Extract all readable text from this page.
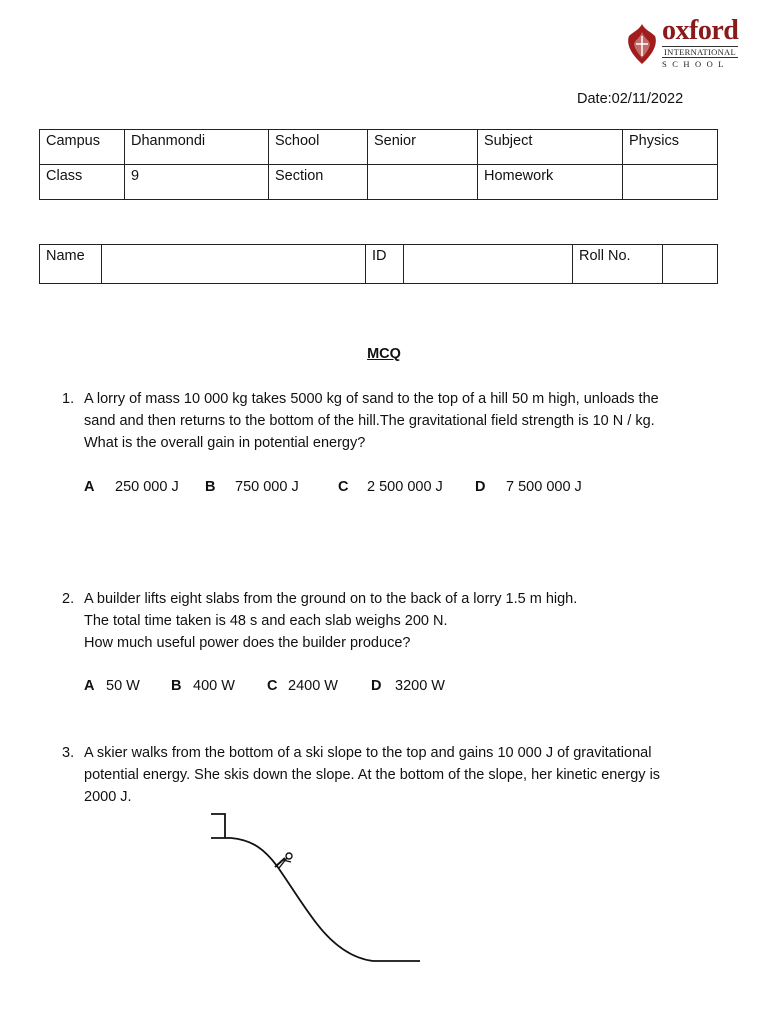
oxford
INTERNATIONAL
SCHOOL
Date:02/11/2022
Campus	Dhanmondi	School	Senior	Subject	Physics
Class	9	Section		Homework	
Name		ID		Roll No.	
MCQ
1. A lorry of mass 10 000 kg takes 5000 kg of sand to the top of a hill 50 m high, unloads the
sand and then returns to the bottom of the hill.The gravitational field strength is 10 N / kg.
What is the overall gain in potential energy?
A 250 000 J B 750 000 J	C 2 500 000 J D 7 500 000 J
2. A builder lifts eight slabs from the ground on to the back of a lorry 1.5 m high.
The total time taken is 48 s and each slab weighs 200 N.
How much useful power does the builder produce?
A 50 W B 400 W C 2400 W D 3200 W
3. A skier walks from the bottom of a ski slope to the top and gains 10 000 J of gravitational
potential energy. She skis down the slope. At the bottom of the slope, her kinetic energy is
2000 J.
